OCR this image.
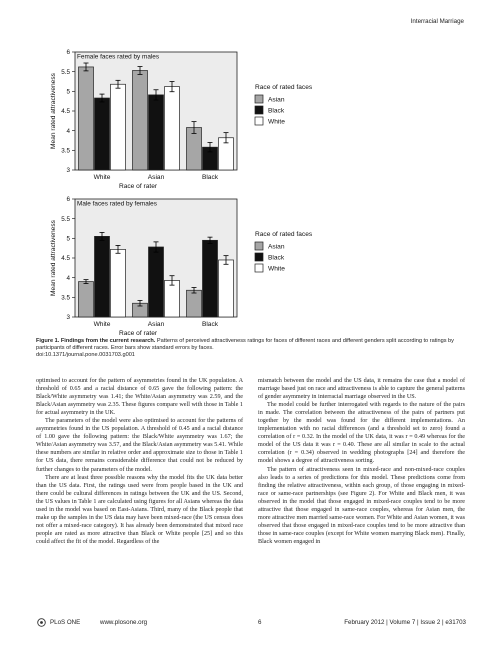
Interracial Marriage
3
3.5
4
4.5
5
5.5
6
Female faces rated by males
Mean rated attractiveness
White	Asian	Black
Race of rater
Race of rated faces
Asian
Black
White
3
3.5
4
4.5
5
5.5
6
Male faces rated by females
Mean rated attractiveness
White	Asian	Black
Race of rater
Race of rated faces
Asian
Black
White
Figure 1. Findings from the current research. Patterns of perceived attractiveness ratings for faces of different races and different genders split according to ratings by participants of different races. Error bars show standard errors by faces.
doi:10.1371/journal.pone.0031703.g001

optimised to account for the pattern of asymmetries found in the UK population. A threshold of 0.65 and a racial distance of 0.65 gave the following pattern: the Black/White asymmetry was 1.41; the White/Asian asymmetry was 2.59, and the Black/Asian asymmetry was 2.35. These figures compare well with those in Table 1 for actual asymmetry in the UK.

The parameters of the model were also optimised to account for the patterns of asymmetries found in the US population. A threshold of 0.45 and a racial distance of 1.00 gave the following pattern: the Black/White asymmetry was 1.67; the White/Asian asymmetry was 3.57, and the Black/Asian asymmetry was 5.41. While these numbers are similar in relative order and approximate size to those in Table 1 for US data, there remains considerable difference that could not be reduced by further changes to the parameters of the model.

There are at least three possible reasons why the model fits the UK data better than the US data. First, the ratings used were from people based in the UK and there could be cultural differences in ratings between the UK and the US. Second, the US values in Table 1 are calculated using figures for all Asians whereas the data used in the model was based on East-Asians. Third, many of the Black people that make up the samples in the US data may have been mixed-race (the US census does not offer a mixed-race category). It has already been demonstrated that mixed race people are rated as more attractive than Black or White people [25] and so this could affect the fit of the model. Regardless of the

mismatch between the model and the US data, it remains the case that a model of marriage based just on race and attractiveness is able to capture the general patterns of gender asymmetry in interracial marriage observed in the US.

The model could be further interrogated with regards to the nature of the pairs in made. The correlation between the attractiveness of the pairs of partners put together by the model was found for the different implementations. An implementation with no racial differences (and a threshold set to zero) found a correlation of r = 0.32. In the model of the UK data, it was r = 0.49 whereas for the model of the US data it was r = 0.40. These are all similar in scale to the actual correlation (r = 0.34) observed in wedding photographs [24] and therefore the model shows a degree of attractiveness sorting.

The pattern of attractiveness seen in mixed-race and non-mixed-race couples also leads to a series of predictions for this model. These predictions come from finding the relative attractiveness, within each group, of those engaging in mixed-race or same-race partnerships (see Figure 2). For White and Black men, it was observed in the model that those engaged in mixed-race couples tend to be more attractive that those engaged in same-race couples, whereas for Asian men, the more attractive men married same-race women. For White and Asian women, it was observed that those engaged in mixed-race couples tend to be more attractive than those in same-race couples (except for White women marrying Black men). Finally, Black women engaged in

PLoS ONE	www.plosone.org	6	February 2012 | Volume 7 | Issue 2 | e31703
